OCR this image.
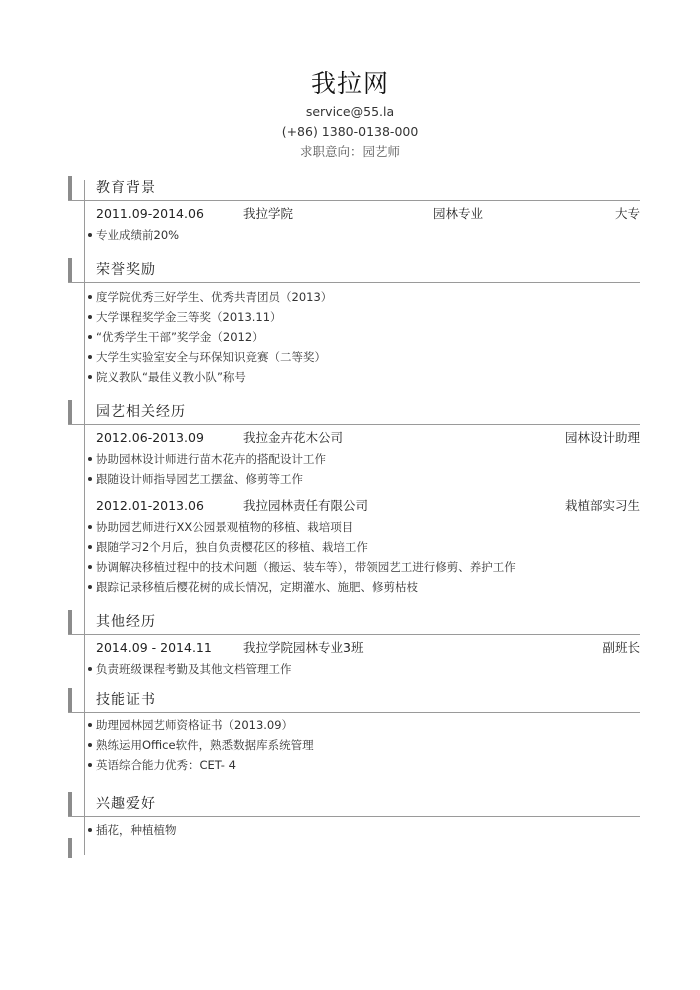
我拉网
service@55.la
(+86) 1380-0138-000
求职意向：园艺师
教育背景
2011.09-2014.06	我拉学院	园林专业	大专
专业成绩前20%
荣誉奖励
度学院优秀三好学生、优秀共青团员（2013）
大学课程奖学金三等奖（2013.11）
“优秀学生干部”奖学金（2012）
大学生实验室安全与环保知识竞赛（二等奖）
院义教队“最佳义教小队”称号
园艺相关经历
2012.06-2013.09	我拉金卉花木公司	园林设计助理
协助园林设计师进行苗木花卉的搭配设计工作
跟随设计师指导园艺工摆盆、修剪等工作
2012.01-2013.06	我拉园林责任有限公司	栽植部实习生
协助园艺师进行XX公园景观植物的移植、栽培项目
跟随学习2个月后，独自负责樱花区的移植、栽培工作
协调解决移植过程中的技术问题（搬运、装车等），带领园艺工进行修剪、养护工作
跟踪记录移植后樱花树的成长情况，定期灌水、施肥、修剪枯枝
其他经历
2014.09 - 2014.11 我拉学院园林专业3班	副班长
负责班级课程考勤及其他文档管理工作
技能证书
助理园林园艺师资格证书（2013.09）
熟练运用Office软件，熟悉数据库系统管理
英语综合能力优秀：CET- 4
兴趣爱好
插花，种植植物
